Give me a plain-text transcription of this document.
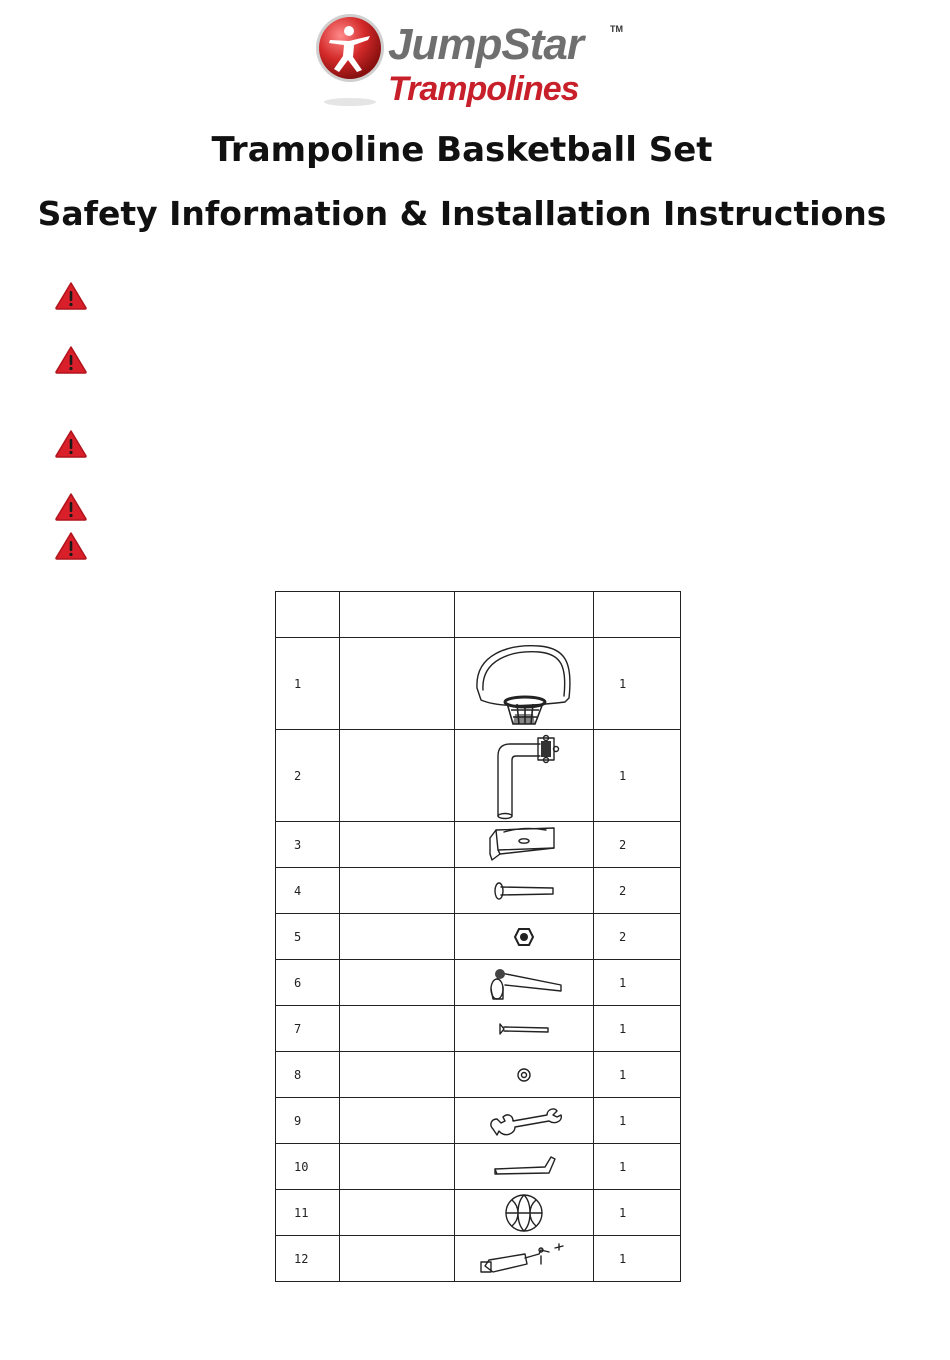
JumpStar
Trampolines
TM
Trampoline Basketball Set
Safety Information & Installation Instructions

1			1
2			1
3			2
4			2
5			2
6			1
7			1
8			1
9			1
10			1
11			1
12			1
